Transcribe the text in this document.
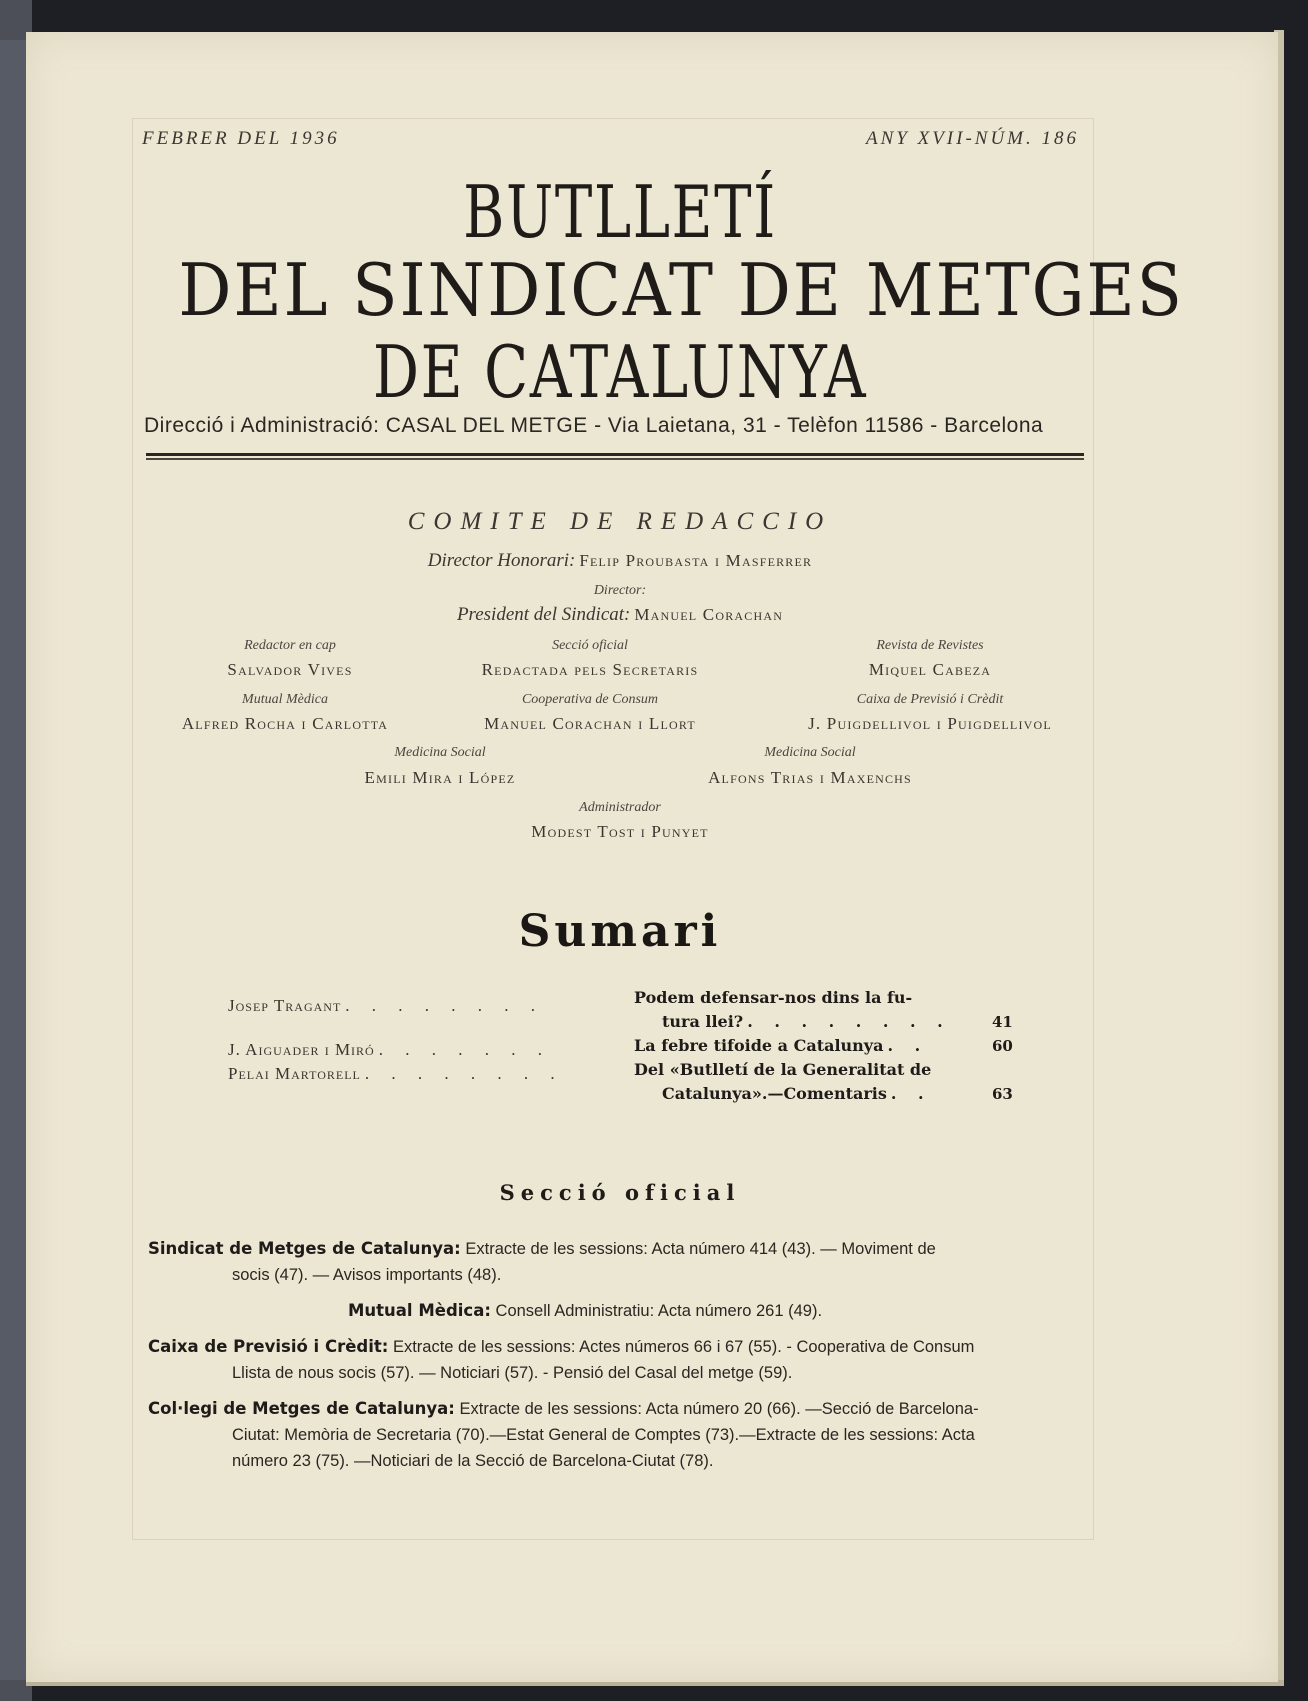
FEBRER DEL 1936	ANY XVII-NÚM. 186
BUTLLETÍ
DEL SINDICAT DE METGES
DE CATALUNYA
Direcció i Administració: CASAL DEL METGE - Via Laietana, 31 - Telèfon 11586 - Barcelona
COMITE DE REDACCIO
Director Honorari: Felip Proubasta i Masferrer
Director:
President del Sindicat: Manuel Corachan
Redactor en cap
Salvador Vives
Secció oficial
Redactada pels Secretaris
Revista de Revistes
Miquel Cabeza
Mutual Mèdica
Alfred Rocha i Carlotta
Cooperativa de Consum
Manuel Corachan i Llort
Caixa de Previsió i Crèdit
J. Puigdellivol i Puigdellivol
Medicina Social
Emili Mira i López
Medicina Social
Alfons Trias i Maxenchs
Administrador
Modest Tost i Punyet
Sumari
Josep Tragant . . . . . . . .	Podem defensar-nos dins la fu-
tura llei? . . . . . . . .	41
J. Aiguader i Miró . . . . . . .	La febre tifoide a Catalunya . .	60
Pelai Martorell . . . . . . . .	Del «Butlletí de la Generalitat de
Catalunya».—Comentaris . .	63
Secció oficial
Sindicat de Metges de Catalunya: Extracte de les sessions: Acta número 414 (43). — Moviment de
socis (47). — Avisos importants (48).
Mutual Mèdica: Consell Administratiu: Acta número 261 (49).
Caixa de Previsió i Crèdit: Extracte de les sessions: Actes números 66 i 67 (55). - Cooperativa de Consum
Llista de nous socis (57). — Noticiari (57). - Pensió del Casal del metge (59).
Col·legi de Metges de Catalunya: Extracte de les sessions: Acta número 20 (66). —Secció de Barcelona-
Ciutat: Memòria de Secretaria (70).—Estat General de Comptes (73).—Extracte de les sessions: Acta
número 23 (75). —Noticiari de la Secció de Barcelona-Ciutat (78).
